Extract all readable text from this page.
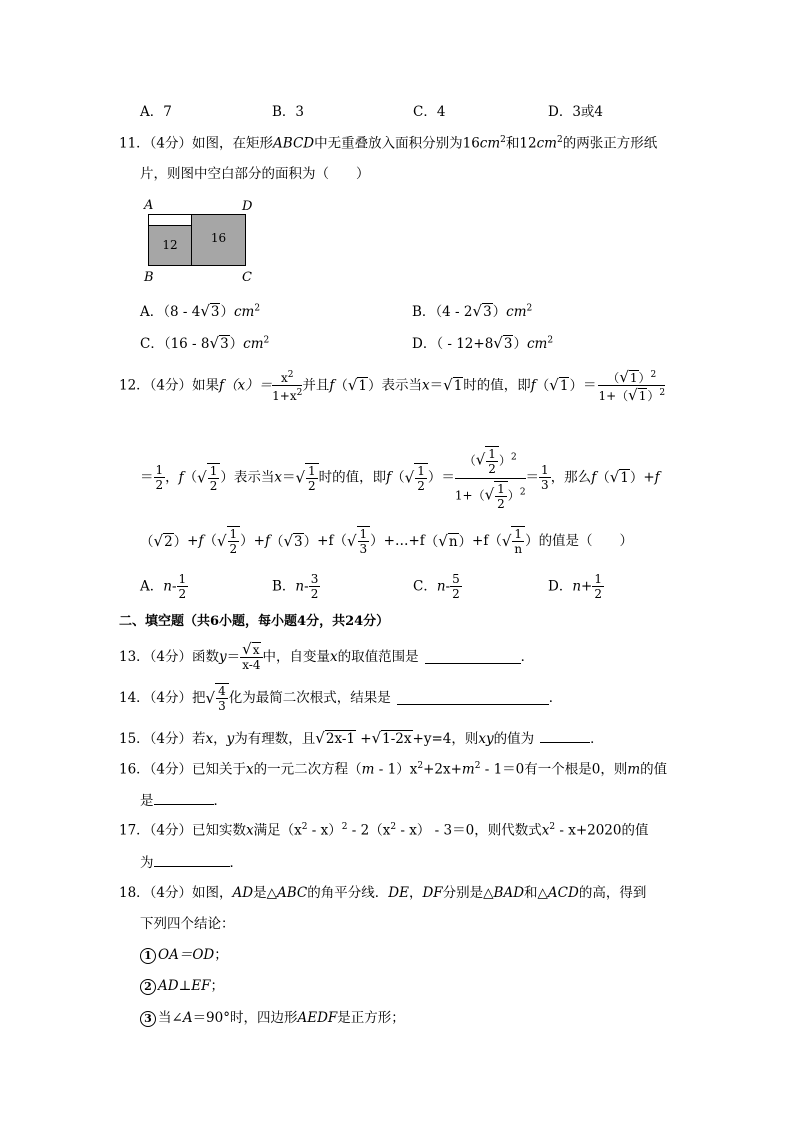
A．7	B．3	C．4	D．3或4
11．（4分）如图，在矩形ABCD中无重叠放入面积分别为$16cm^2$和$12cm^2$的两张正方形纸
片，则图中空白部分的面积为（　　）
A	D
B	C
12	16
A．$(8 - 4√3)cm^2$	B．$(4 - 2√3)cm^2$
C．$(16 - 8√3)cm^2$	D．（ - $12+8√3)cm^2$
12．（4分）如果$f(x)= \frac{x^2}{1+x^2}$ 并且f（√1）表示当x＝√1时的值，即$f(√1)= \frac{(√1)^2}{1+(√1)^2}$
＝ $\frac{1}{2}$ ，$f(√ \frac{1}{2}$ ）表示当$x=√ \frac{1}{2}$ 时的值，即$f(√ \frac{1}{2}$ ）＝ $\frac{(√ \frac{1}{2} )^2}{1+(√ \frac{1}{2} )^2} = \frac{1}{3}$ ，那么f（√1）+f
$(√2)+f(√ \frac{1}{2} )+f(√3)+f(√ \frac{1}{3}$ ）+…+f（√n）+f（√ $\frac{1}{n}$ ）的值是（　　）
A．$n- \frac{1}{2}$	B．$n- \frac{3}{2}$	C．$n- \frac{5}{2}$	D．$n+ \frac{1}{2}$
二、填空题（共6小题，每小题4分，共24分）
13．（4分）函数$y= \frac{√x}{x-4}$ 中，自变量x的取值范围是	．
14．（4分）把√ $\frac{4}{3}$ 化为最简二次根式，结果是	．
15．（4分）若x，y为有理数，且√2x-1 +√1-2x+y=4，则xy的值为	．
16．（4分）已知关于x的一元二次方程$(m - 1)x^2+2x+m^2 - 1=0$有一个根是0，则m的值
是	．
17．（4分）已知实数x满足$(x^2 - x)^2 - 2(x^2 - x) - 3=0$，则代数式$x^2 - x+2020$的值
为	．
18．（4分）如图，AD是△ABC的角平分线．DE，DF分别是△BAD和△ACD的高，得到
下列四个结论：
1 OA＝OD；
2 AD⊥EF；
3 当∠A＝90°时，四边形AEDF是正方形；
